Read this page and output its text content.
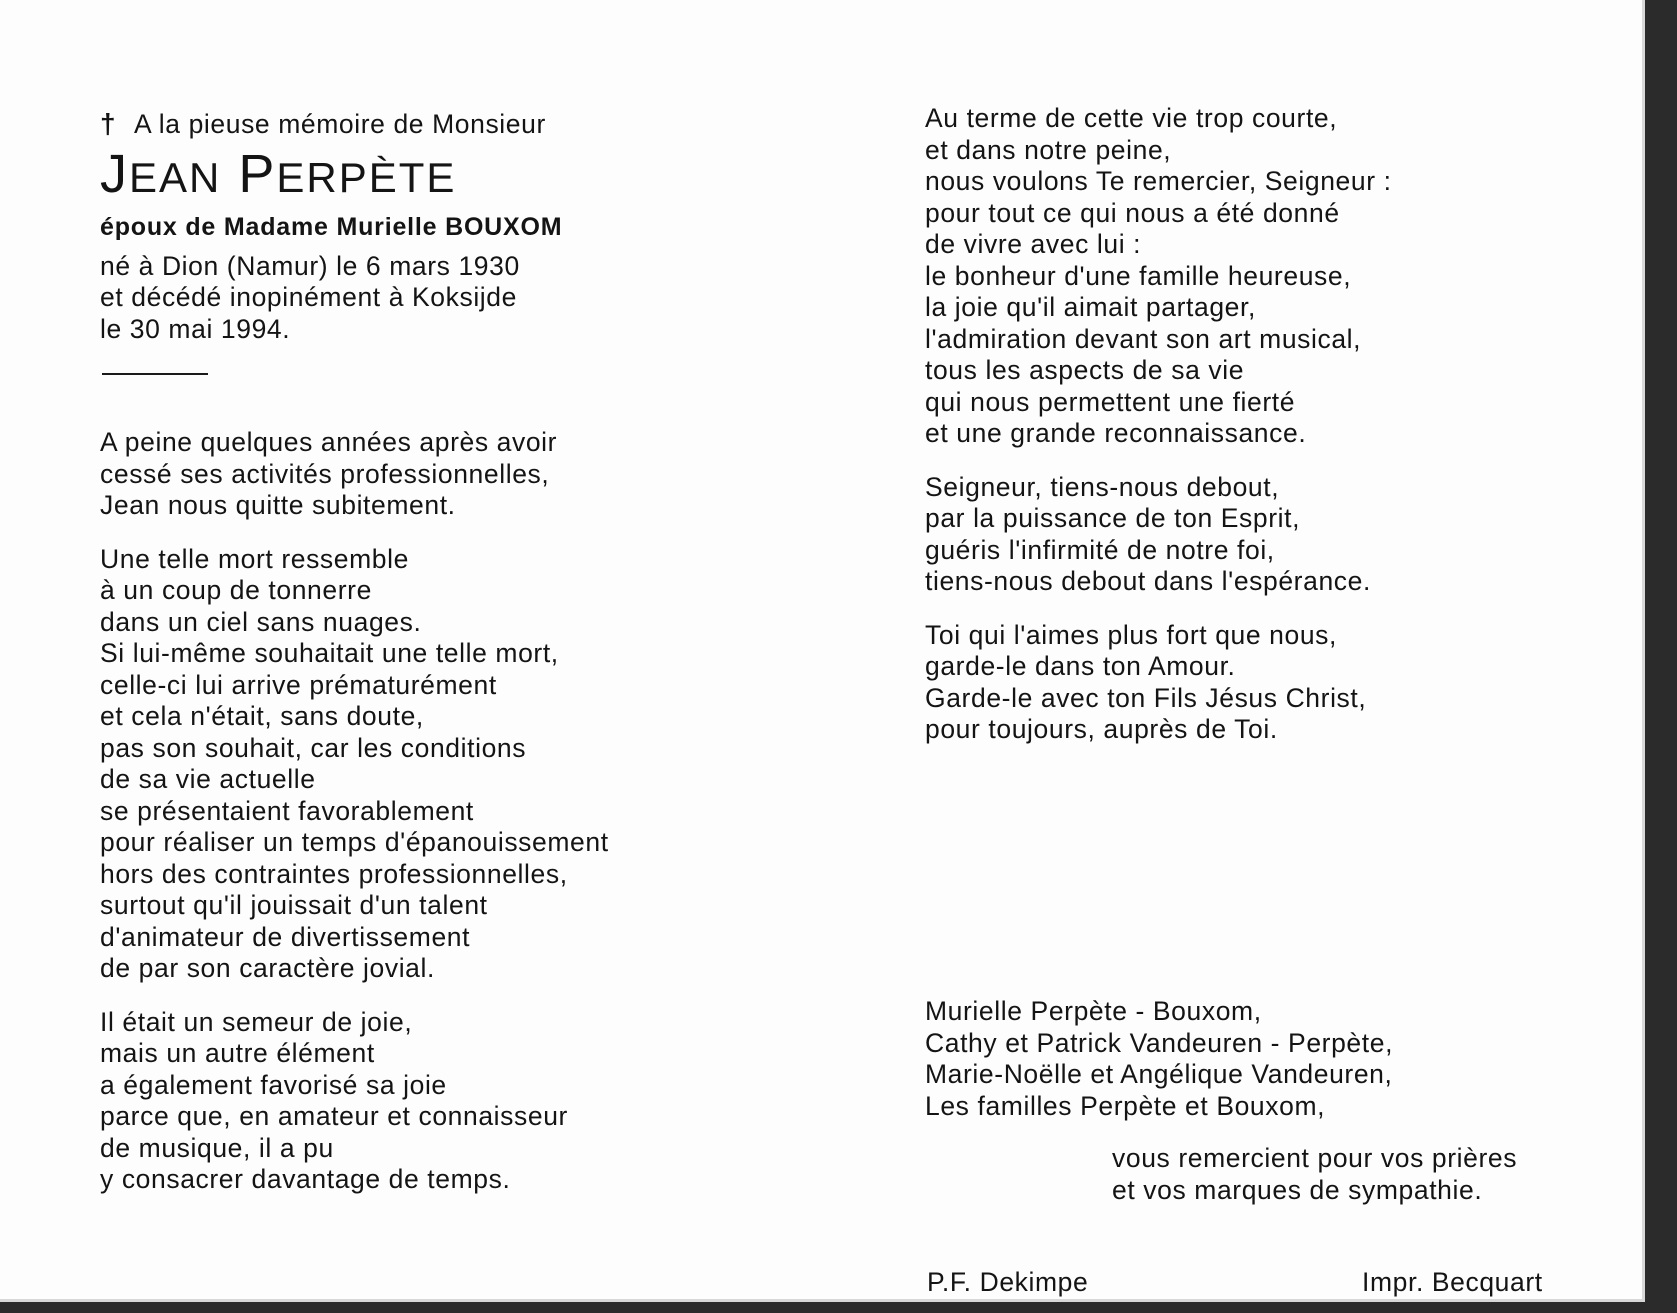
† A la pieuse mémoire de Monsieur
JEAN PERPÈTE
époux de Madame Murielle BOUXOM
né à Dion (Namur) le 6 mars 1930
et décédé inopinément à Koksijde
le 30 mai 1994.
A peine quelques années après avoir
cessé ses activités professionnelles,
Jean nous quitte subitement.
Une telle mort ressemble
à un coup de tonnerre
dans un ciel sans nuages.
Si lui-même souhaitait une telle mort,
celle-ci lui arrive prématurément
et cela n'était, sans doute,
pas son souhait, car les conditions
de sa vie actuelle
se présentaient favorablement
pour réaliser un temps d'épanouissement
hors des contraintes professionnelles,
surtout qu'il jouissait d'un talent
d'animateur de divertissement
de par son caractère jovial.
Il était un semeur de joie,
mais un autre élément
a également favorisé sa joie
parce que, en amateur et connaisseur
de musique, il a pu
y consacrer davantage de temps.
Au terme de cette vie trop courte,
et dans notre peine,
nous voulons Te remercier, Seigneur :
pour tout ce qui nous a été donné
de vivre avec lui :
le bonheur d'une famille heureuse,
la joie qu'il aimait partager,
l'admiration devant son art musical,
tous les aspects de sa vie
qui nous permettent une fierté
et une grande reconnaissance.
Seigneur, tiens-nous debout,
par la puissance de ton Esprit,
guéris l'infirmité de notre foi,
tiens-nous debout dans l'espérance.
Toi qui l'aimes plus fort que nous,
garde-le dans ton Amour.
Garde-le avec ton Fils Jésus Christ,
pour toujours, auprès de Toi.
Murielle Perpète - Bouxom,
Cathy et Patrick Vandeuren - Perpète,
Marie-Noëlle et Angélique Vandeuren,
Les familles Perpète et Bouxom,
vous remercient pour vos prières
et vos marques de sympathie.
P.F. Dekimpe	Impr. Becquart
